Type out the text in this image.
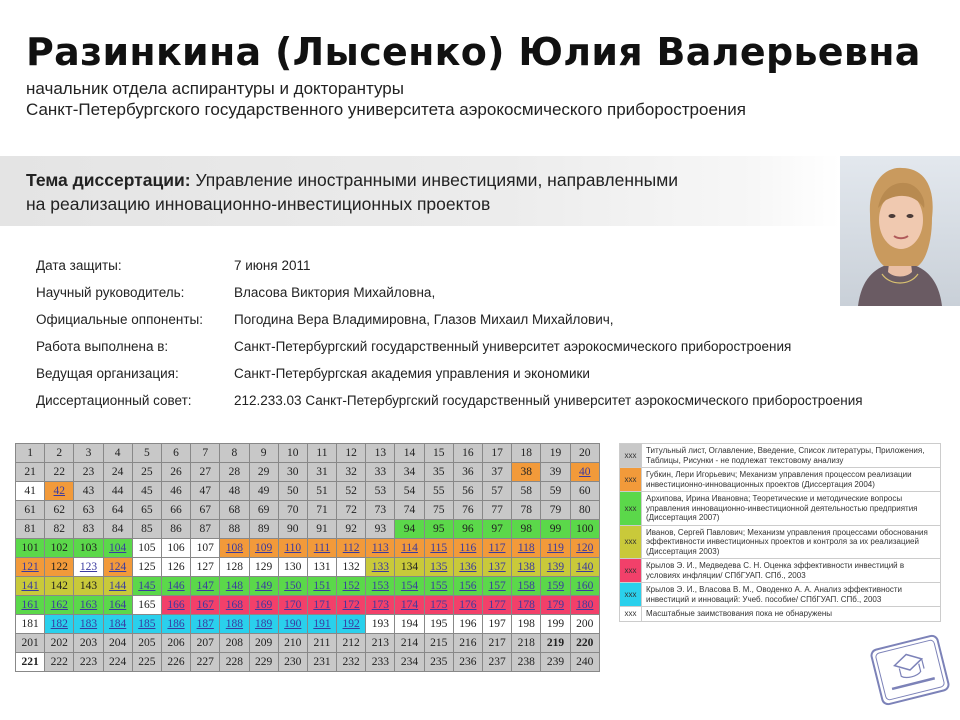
Разинкина (Лысенко) Юлия Валерьевна
начальник отдела аспирантуры и докторантуры
Санкт-Петербургского государственного университета аэрокосмического приборостроения
Тема диссертации: Управление иностранными инвестициями, направленными
на реализацию инновационно-инвестиционных проектов
Дата защиты:	7 июня 2011
Научный руководитель:	Власова Виктория Михайловна,
Официальные оппоненты: Погодина Вера Владимировна, Глазов Михаил Михайлович,
Работа выполнена в:	Санкт-Петербургский государственный университет аэрокосмического приборостроения
Ведущая организация:	Санкт-Петербургская академия управления и экономики
Диссертационный совет:	212.233.03 Санкт-Петербургский государственный университет аэрокосмического приборостроения
1	2	3	4	5	6	7	8	9	10	11	12	13	14	15	16	17	18	19	20
21	22	23	24	25	26	27	28	29	30	31	32	33	34	35	36	37	38	39	40
41	42	43	44	45	46	47	48	49	50	51	52	53	54	55	56	57	58	59	60
61	62	63	64	65	66	67	68	69	70	71	72	73	74	75	76	77	78	79	80
81	82	83	84	85	86	87	88	89	90	91	92	93	94	95	96	97	98	99	100
101	102	103	104	105	106	107	108	109	110	111	112	113	114	115	116	117	118	119	120
121	122	123	124	125	126	127	128	129	130	131	132	133	134	135	136	137	138	139	140
141	142	143	144	145	146	147	148	149	150	151	152	153	154	155	156	157	158	159	160
161	162	163	164	165	166	167	168	169	170	171	172	173	174	175	176	177	178	179	180
181	182	183	184	185	186	187	188	189	190	191	192	193	194	195	196	197	198	199	200
201	202	203	204	205	206	207	208	209	210	211	212	213	214	215	216	217	218	219	220
221	222	223	224	225	226	227	228	229	230	231	232	233	234	235	236	237	238	239	240
xxx	Титульный лист, Оглавление, Введение, Список литературы, Приложения, Таблицы, Рисунки - не подлежат текстовому анализу
xxx	Губкин, Лери Игорьевич; Механизм управления процессом реализации инвестиционно-инновационных проектов (Диссертация 2004)
xxx	Архипова, Ирина Ивановна; Теоретические и методические вопросы управления инновационно-инвестиционной деятельностью предприятия (Диссертация 2007)
xxx	Иванов, Сергей Павлович; Механизм управления процессами обоснования эффективности инвестиционных проектов и контроля за их реализацией (Диссертация 2003)
xxx	Крылов Э. И., Медведева С. Н. Оценка эффективности инвестиций в условиях инфляции/ СПбГУАП. СПб., 2003
xxx	Крылов Э. И., Власова В. М., Оводенко А. А. Анализ эффективности инвестиций и инноваций: Учеб. пособие/ СПбГУАП. СПб., 2003
xxx	Масштабные заимствования пока не обнаружены
